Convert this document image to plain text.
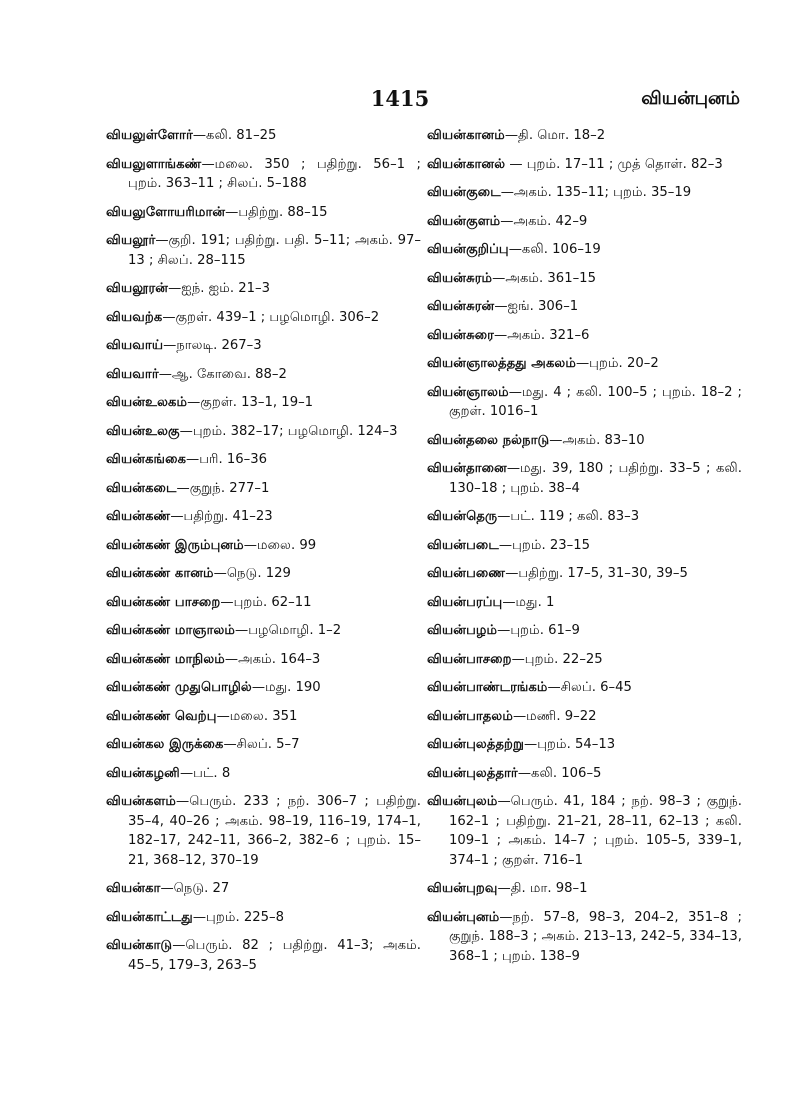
1415	வியன்புனம்
வியலுள்ளோர்—கலி. 81–25
வியலுளாங்கண்—மலை. 350 ; பதிற்று. 56–1 ; புறம். 363–11 ; சிலப். 5–188
வியலுளோயரிமான்—பதிற்று. 88–15
வியலூர்—குறி. 191; பதிற்று. பதி. 5–11; அகம். 97–13 ; சிலப். 28–115
வியலூரன்—ஐந். ஐம். 21–3
வியவற்க—குறள். 439–1 ; பழமொழி. 306–2
வியவாய்—நாலடி. 267–3
வியவார்—ஆ. கோவை. 88–2
வியன்உலகம்—குறள். 13–1, 19–1
வியன்உலகு—புறம். 382–17; பழமொழி. 124–3
வியன்கங்கை—பரி. 16–36
வியன்கடை—குறுந். 277–1
வியன்கண்—பதிற்று. 41–23
வியன்கண் இரும்புனம்—மலை. 99
வியன்கண் கானம்—நெடு. 129
வியன்கண் பாசறை—புறம். 62–11
வியன்கண் மாஞாலம்—பழமொழி. 1–2
வியன்கண் மாநிலம்—அகம். 164–3
வியன்கண் முதுபொழில்—மது. 190
வியன்கண் வெற்பு—மலை. 351
வியன்கல இருக்கை—சிலப். 5–7
வியன்கழனி—பட். 8
வியன்களம்—பெரும். 233 ; நற். 306–7 ; பதிற்று. 35–4, 40–26 ; அகம். 98–19, 116–19, 174–1, 182–17, 242–11, 366–2, 382–6 ; புறம். 15–21, 368–12, 370–19
வியன்கா—நெடு. 27
வியன்காட்டது—புறம். 225–8
வியன்காடு—பெரும். 82 ; பதிற்று. 41–3; அகம். 45–5, 179–3, 263–5
வியன்கானம்—தி. மொ. 18–2
வியன்கானல் — புறம். 17–11 ; முத் தொள். 82–3
வியன்குடை—அகம். 135–11; புறம். 35–19
வியன்குளம்—அகம். 42–9
வியன்குறிப்பு—கலி. 106–19
வியன்சுரம்—அகம். 361–15
வியன்சுரன்—ஐங். 306–1
வியன்சுரை—அகம். 321–6
வியன்ஞாலத்தது அகலம்—புறம். 20–2
வியன்ஞாலம்—மது. 4 ; கலி. 100–5 ; புறம். 18–2 ; குறள். 1016–1
வியன்தலை நல்நாடு—அகம். 83–10
வியன்தானை—மது. 39, 180 ; பதிற்று. 33–5 ; கலி. 130–18 ; புறம். 38–4
வியன்தெரு—பட். 119 ; கலி. 83–3
வியன்படை—புறம். 23–15
வியன்பணை—பதிற்று. 17–5, 31–30, 39–5
வியன்பரப்பு—மது. 1
வியன்பழம்—புறம். 61–9
வியன்பாசறை—புறம். 22–25
வியன்பாண்டரங்கம்—சிலப். 6–45
வியன்பாதலம்—மணி. 9–22
வியன்புலத்தற்று—புறம். 54–13
வியன்புலத்தார்—கலி. 106–5
வியன்புலம்—பெரும். 41, 184 ; நற். 98–3 ; குறுந். 162–1 ; பதிற்று. 21–21, 28–11, 62–13 ; கலி. 109–1 ; அகம். 14–7 ; புறம். 105–5, 339–1, 374–1 ; குறள். 716–1
வியன்புறவு—தி. மா. 98–1
வியன்புனம்—நற். 57–8, 98–3, 204–2, 351–8 ; குறுந். 188–3 ; அகம். 213–13, 242–5, 334–13, 368–1 ; புறம். 138–9
